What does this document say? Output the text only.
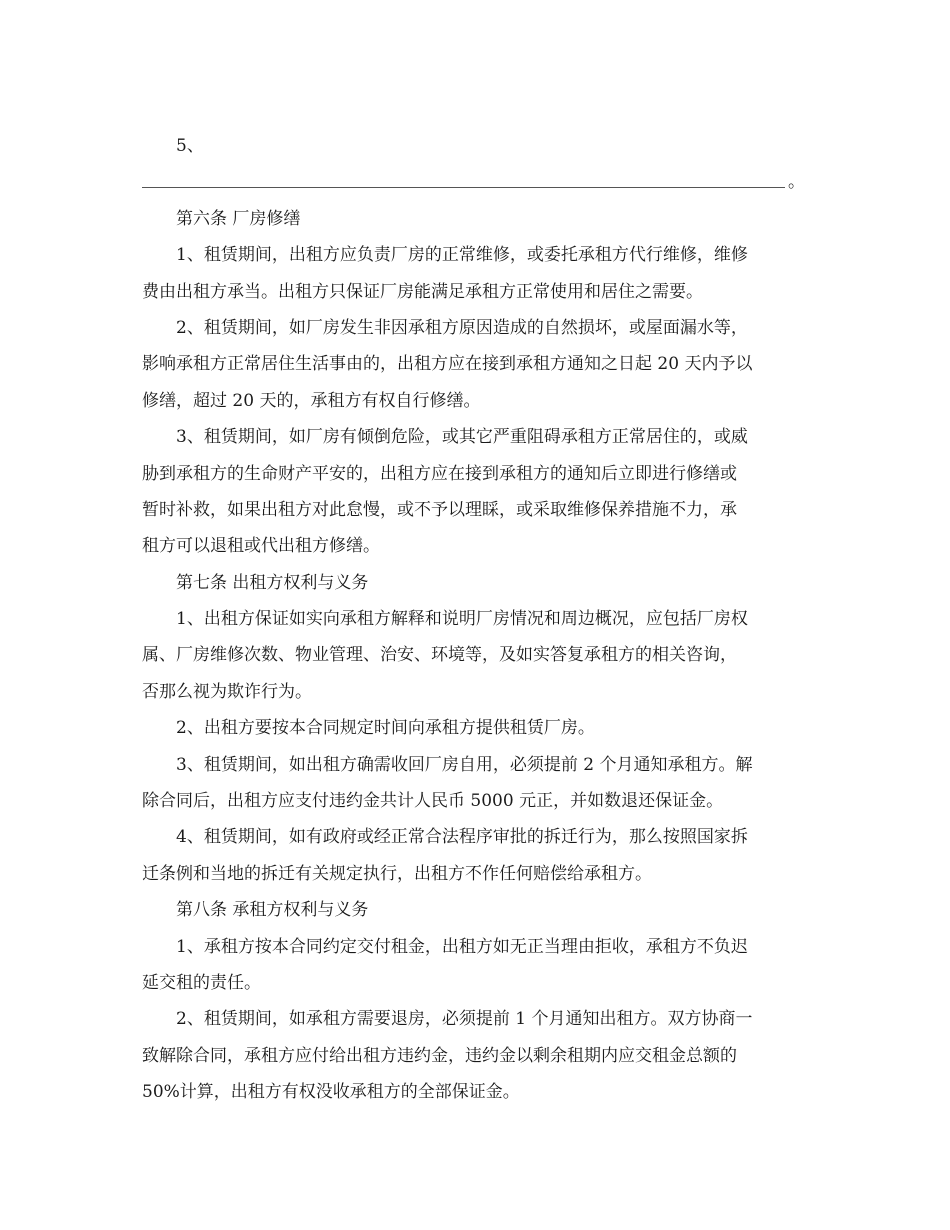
5、

。

第六条 厂房修缮

1、租赁期间，出租方应负责厂房的正常维修，或委托承租方代行维修，维修

费由出租方承当。出租方只保证厂房能满足承租方正常使用和居住之需要。

2、租赁期间，如厂房发生非因承租方原因造成的自然损坏，或屋面漏水等，

影响承租方正常居住生活事由的，出租方应在接到承租方通知之日起 20 天内予以

修缮，超过 20 天的，承租方有权自行修缮。

3、租赁期间，如厂房有倾倒危险，或其它严重阻碍承租方正常居住的，或威

胁到承租方的生命财产平安的，出租方应在接到承租方的通知后立即进行修缮或

暂时补救，如果出租方对此怠慢，或不予以理睬，或采取维修保养措施不力，承

租方可以退租或代出租方修缮。

第七条 出租方权利与义务

1、出租方保证如实向承租方解释和说明厂房情况和周边概况，应包括厂房权

属、厂房维修次数、物业管理、治安、环境等，及如实答复承租方的相关咨询，

否那么视为欺诈行为。

2、出租方要按本合同规定时间向承租方提供租赁厂房。

3、租赁期间，如出租方确需收回厂房自用，必须提前 2 个月通知承租方。解

除合同后，出租方应支付违约金共计人民币 5000 元正，并如数退还保证金。

4、租赁期间，如有政府或经正常合法程序审批的拆迁行为，那么按照国家拆

迁条例和当地的拆迁有关规定执行，出租方不作任何赔偿给承租方。

第八条 承租方权利与义务

1、承租方按本合同约定交付租金，出租方如无正当理由拒收，承租方不负迟

延交租的责任。

2、租赁期间，如承租方需要退房，必须提前 1 个月通知出租方。双方协商一

致解除合同，承租方应付给出租方违约金，违约金以剩余租期内应交租金总额的

50%计算，出租方有权没收承租方的全部保证金。
